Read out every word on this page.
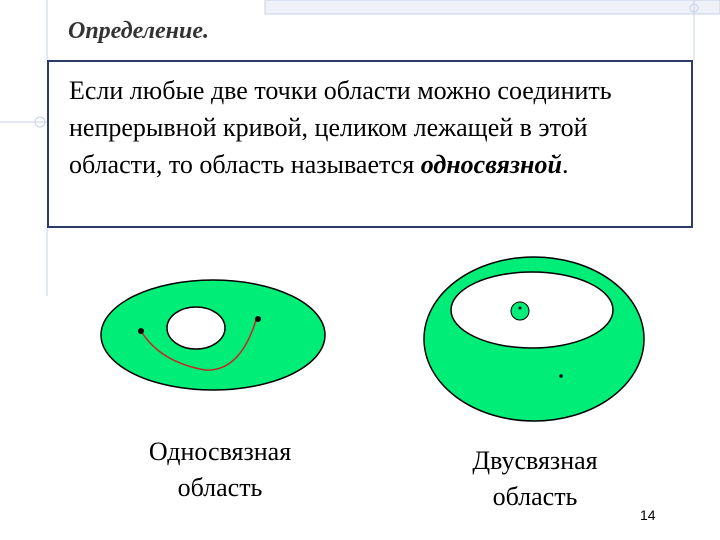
Определение.
Если любые две точки области можно соединить непрерывной кривой, целиком лежащей в этой области, то область называется односвязной.
Односвязная
область
Двусвязная
область
14
